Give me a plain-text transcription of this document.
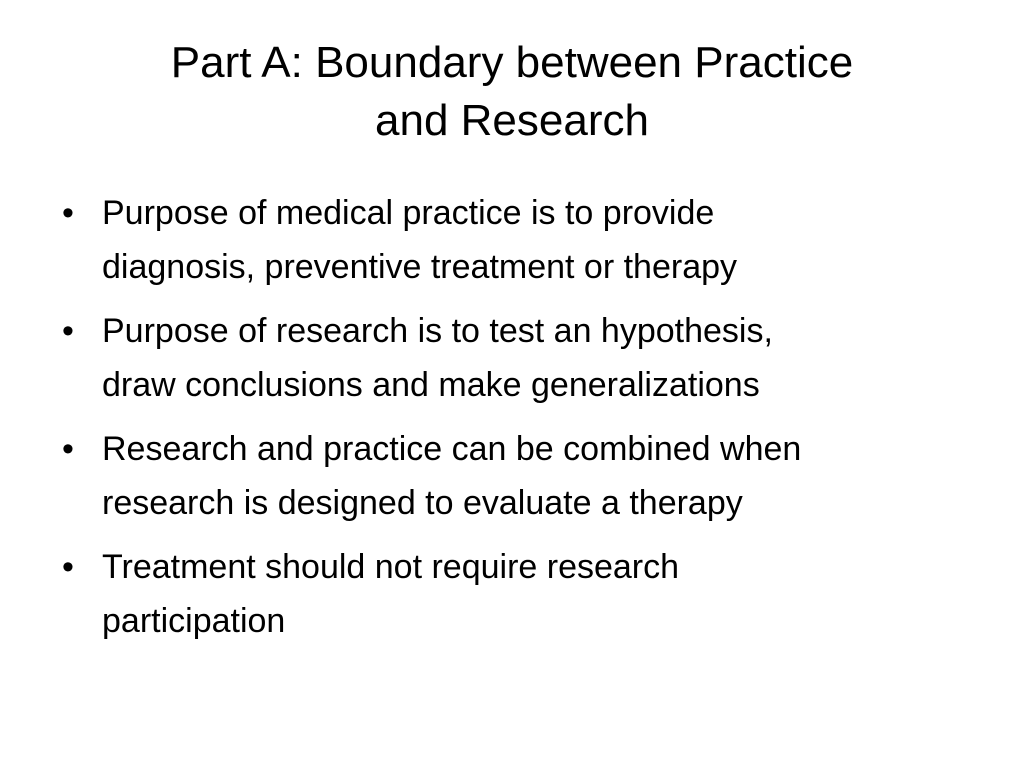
Part A: Boundary between Practice
and Research
• Purpose of medical practice is to provide
diagnosis, preventive treatment or therapy
• Purpose of research is to test an hypothesis,
draw conclusions and make generalizations
• Research and practice can be combined when
research is designed to evaluate a therapy
• Treatment should not require research
participation
